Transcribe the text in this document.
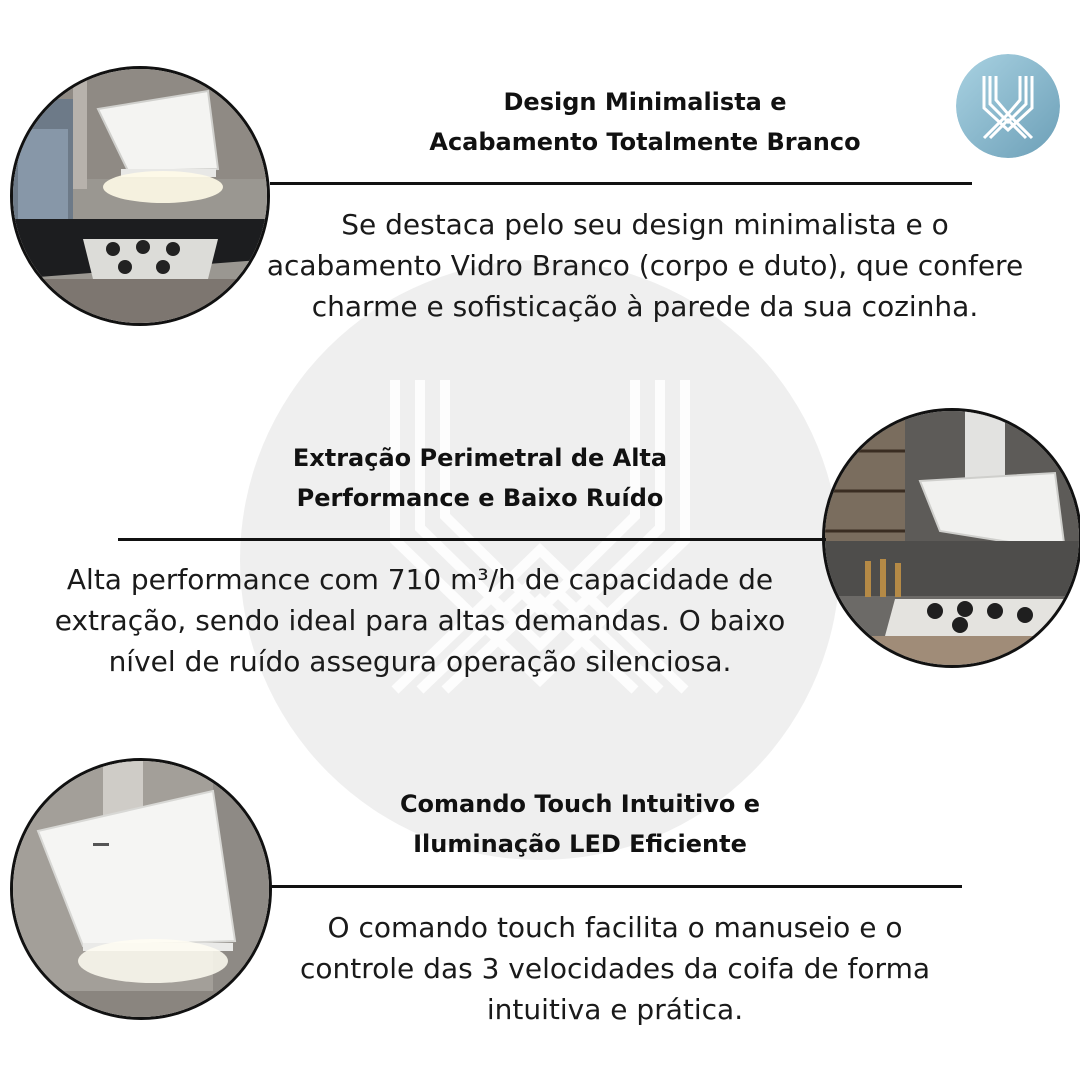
Design Minimalista e
Acabamento Totalmente Branco
Se destaca pelo seu design minimalista e o
acabamento Vidro Branco (corpo e duto), que confere
charme e sofisticação à parede da sua cozinha.
Extração Perimetral de Alta
Performance e Baixo Ruído
Alta performance com 710 m³/h de capacidade de
extração, sendo ideal para altas demandas. O baixo
nível de ruído assegura operação silenciosa.
Comando Touch Intuitivo e
Iluminação LED Eficiente
O comando touch facilita o manuseio e o
controle das 3 velocidades da coifa de forma
intuitiva e prática.
